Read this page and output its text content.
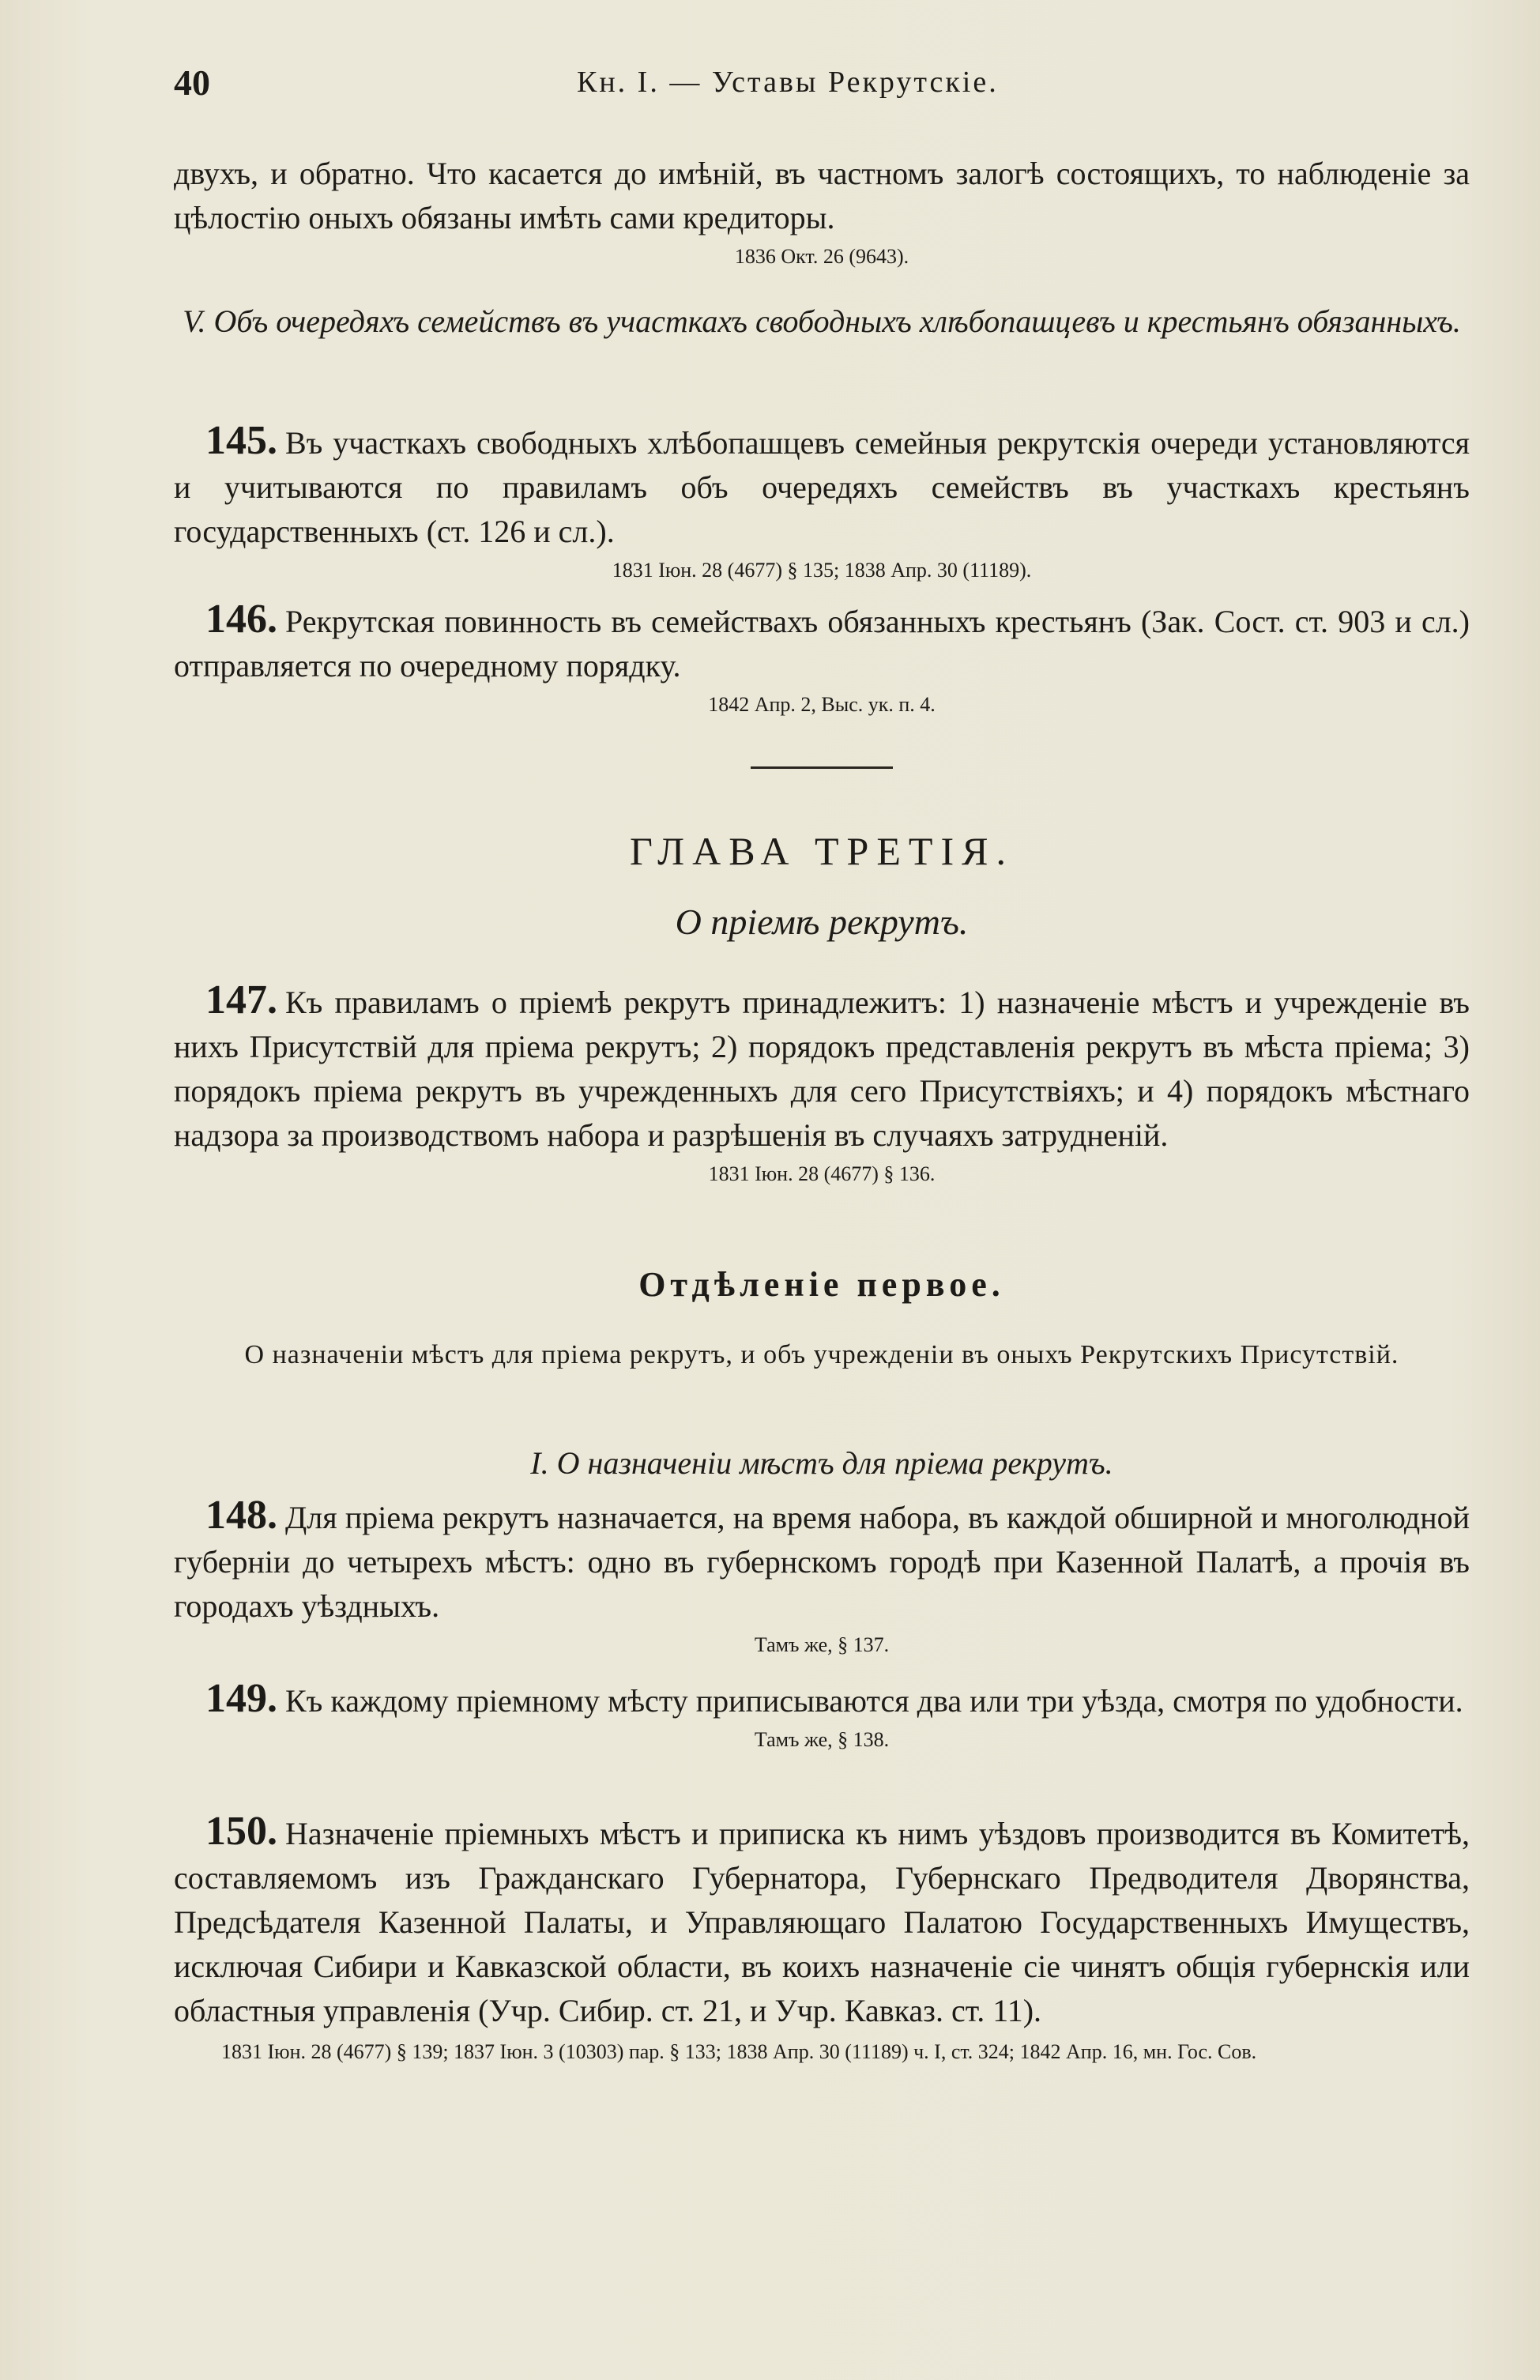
40	Кн. I. — Уставы Рекрутскiе.

двухъ, и обратно. Что касается до имѣнiй, въ частномъ залогѣ состоящихъ, то наблюденiе за цѣлостiю оныхъ обязаны имѣть сами кредиторы.

1836 Окт. 26 (9643).

V. Объ очередяхъ семействъ въ участкахъ свободныхъ хлѣбопашцевъ и крестьянъ обязанныхъ.

145. Въ участкахъ свободныхъ хлѣбопашцевъ семейныя рекрутскiя очереди установляются и учитываются по правиламъ объ очередяхъ семействъ въ участкахъ крестьянъ государственныхъ (ст. 126 и сл.).

1831 Iюн. 28 (4677) § 135; 1838 Апр. 30 (11189).

146. Рекрутская повинность въ семействахъ обязанныхъ крестьянъ (Зак. Сост. ст. 903 и сл.) отправляется по очередному порядку.

1842 Апр. 2, Выс. ук. п. 4.

ГЛАВА ТРЕТIЯ.

О прiемѣ рекрутъ.

147. Къ правиламъ о прiемѣ рекрутъ принадлежитъ: 1) назначенiе мѣстъ и учрежденiе въ нихъ Присутствiй для прiема рекрутъ; 2) порядокъ представленiя рекрутъ въ мѣста прiема; 3) порядокъ прiема рекрутъ въ учрежденныхъ для сего Присутствiяхъ; и 4) порядокъ мѣстнаго надзора за производствомъ набора и разрѣшенiя въ случаяхъ затрудненiй.

1831 Iюн. 28 (4677) § 136.

Отдѣленiе первое.

О назначенiи мѣстъ для прiема рекрутъ, и объ учрежденiи въ оныхъ Рекрутскихъ Присутствiй.

I. О назначенiи мѣстъ для прiема рекрутъ.

148. Для прiема рекрутъ назначается, на время набора, въ каждой обширной и многолюдной губернiи до четырехъ мѣстъ: одно въ губернскомъ городѣ при Казенной Палатѣ, а прочiя въ городахъ уѣздныхъ.

Тамъ же, § 137.

149. Къ каждому прiемному мѣсту приписываются два или три уѣзда, смотря по удобности.

Тамъ же, § 138.

150. Назначенiе прiемныхъ мѣстъ и приписка къ нимъ уѣздовъ производится въ Комитетѣ, составляемомъ изъ Гражданскаго Губернатора, Губернскаго Предводителя Дворянства, Предсѣдателя Казенной Палаты, и Управляющаго Палатою Государственныхъ Имуществъ, исключая Сибири и Кавказской области, въ коихъ назначенiе сiе чинятъ общiя губернскiя или областныя управленiя (Учр. Сибир. ст. 21, и Учр. Кавказ. ст. 11).

1831 Iюн. 28 (4677) § 139; 1837 Iюн. 3 (10303) пар. § 133; 1838 Апр. 30 (11189) ч. I, ст. 324; 1842 Апр. 16, мн. Гос. Сов.
